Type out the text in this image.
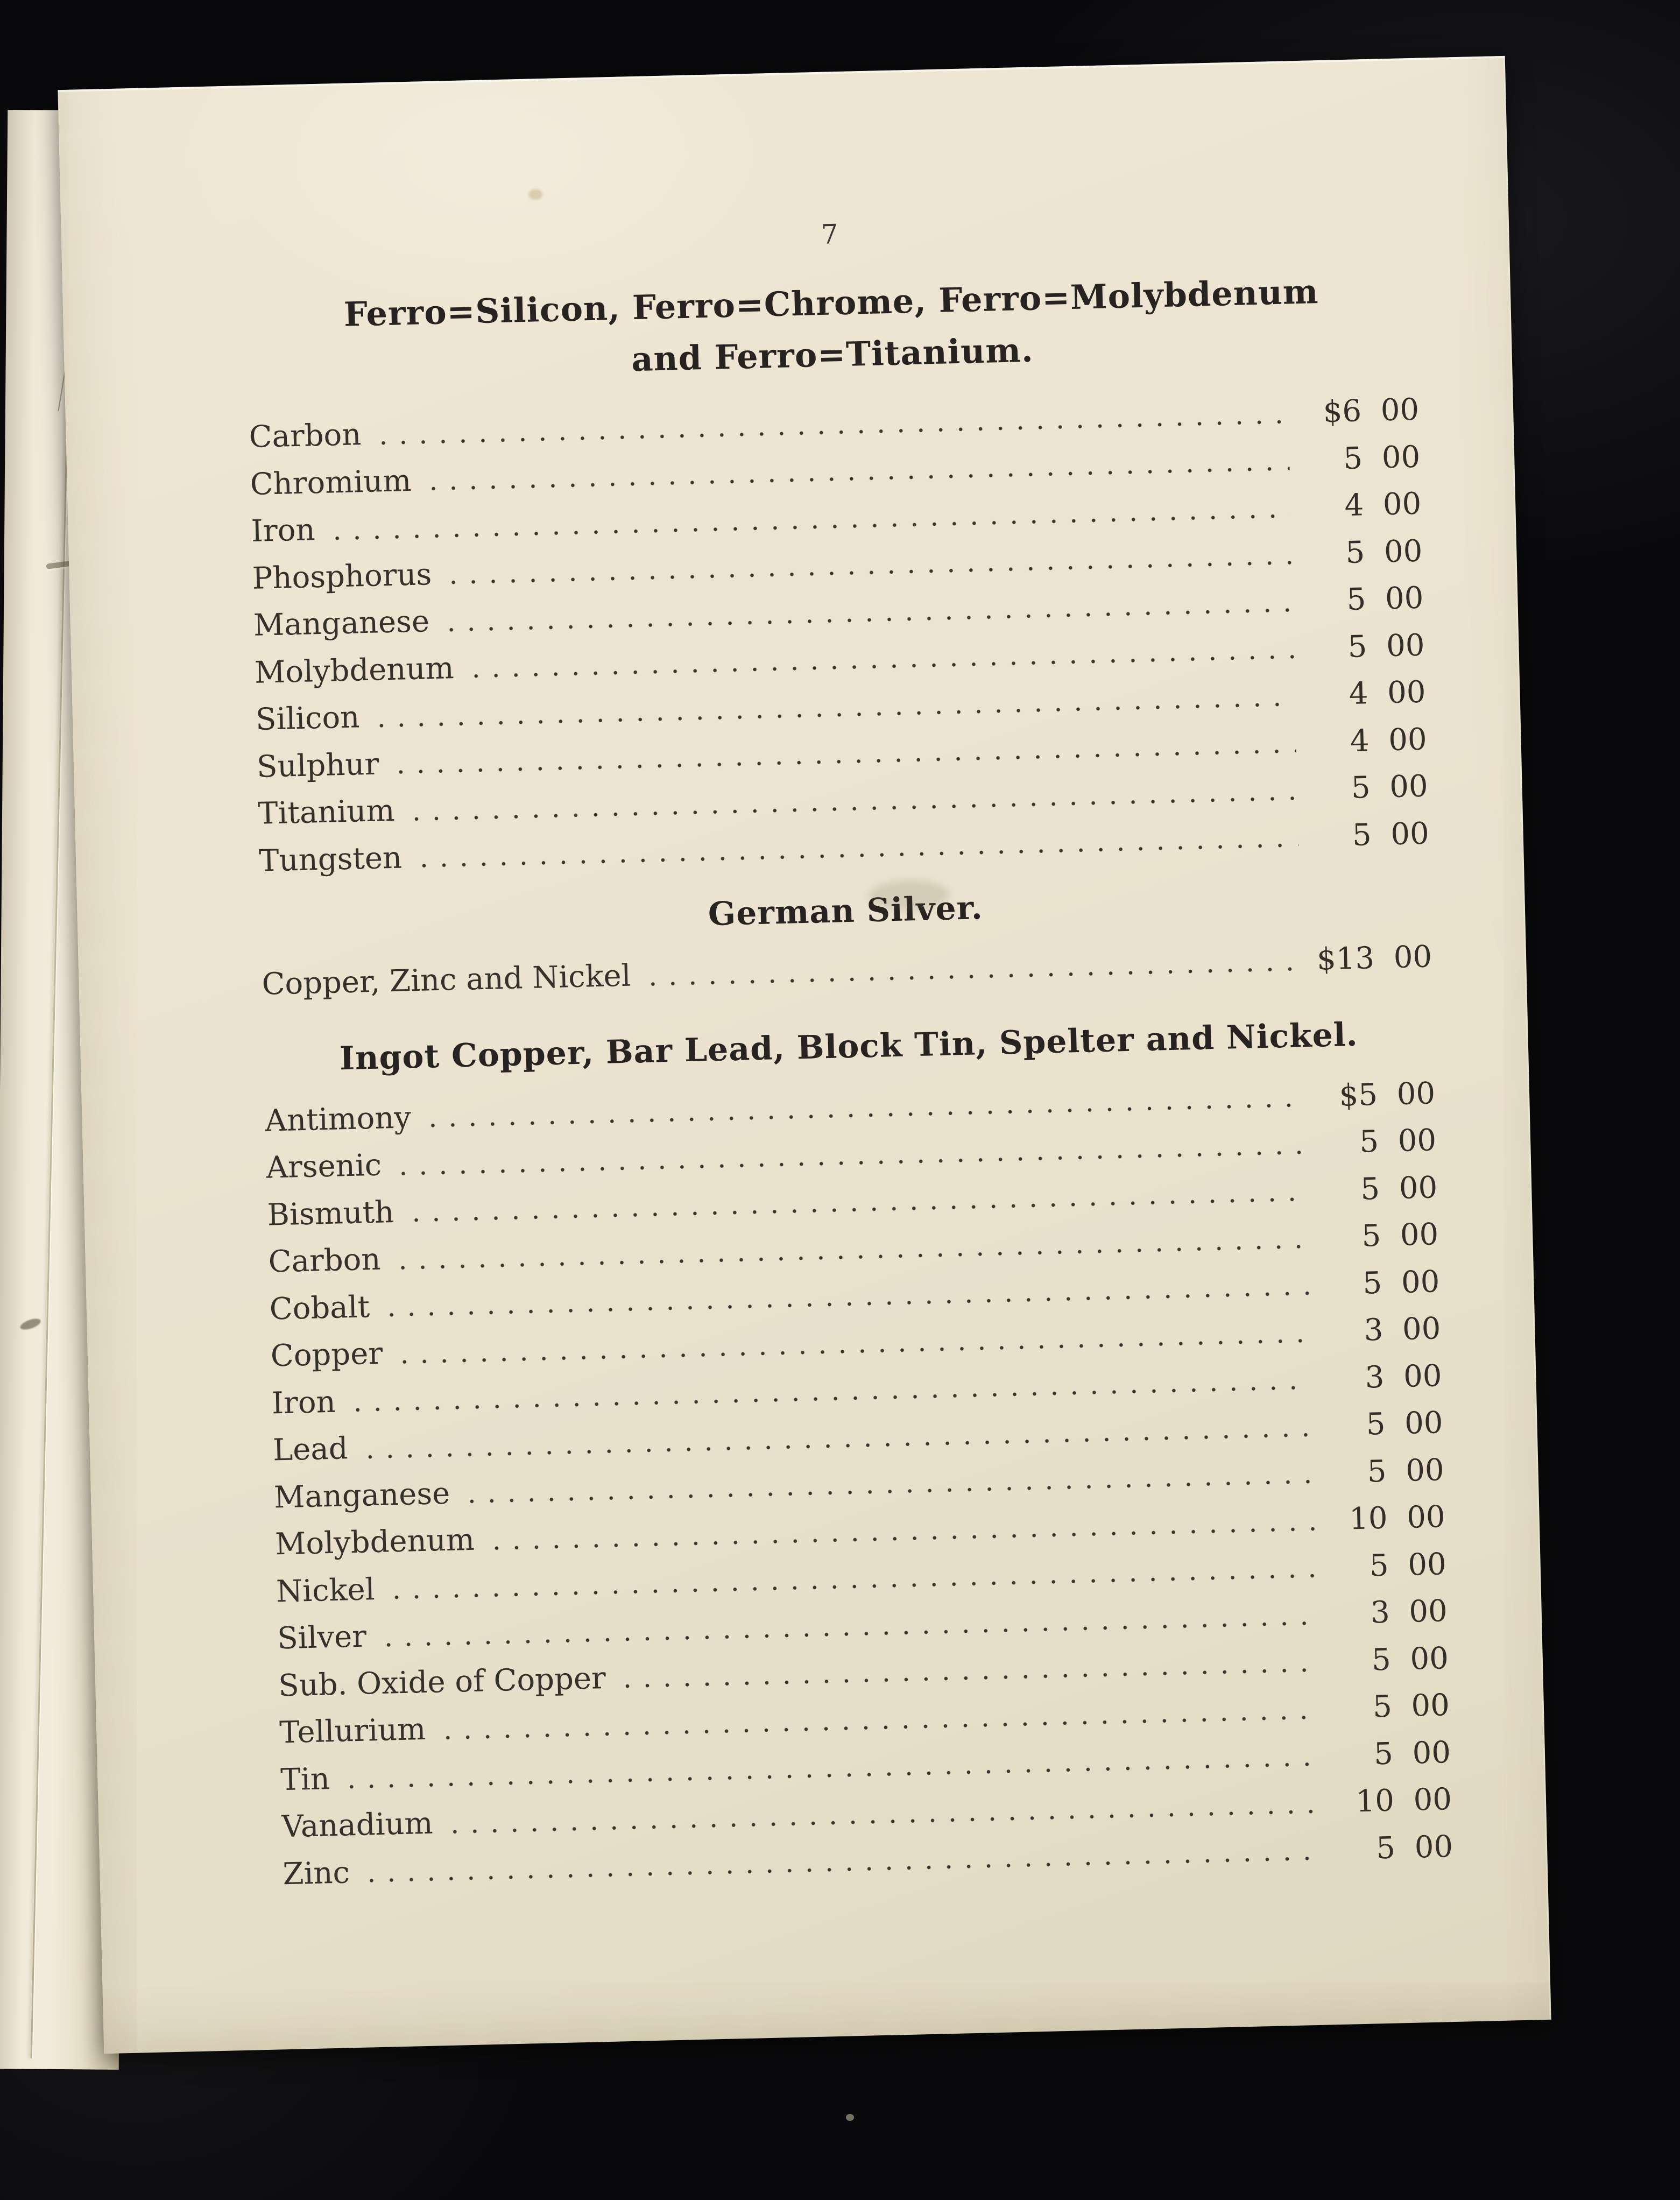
7
Ferro=Silicon, Ferro=Chrome, Ferro=Molybdenum
and Ferro=Titanium.
Carbon
$6 00
Chromium
5 00
Iron
4 00
Phosphorus
5 00
Manganese
5 00
Molybdenum
5 00
Silicon
4 00
Sulphur
4 00
Titanium
5 00
Tungsten
5 00
German Silver.
Copper, Zinc and Nickel
$13 00
Ingot Copper, Bar Lead, Block Tin, Spelter and Nickel.
Antimony
$5 00
Arsenic
5 00
Bismuth
5 00
Carbon
5 00
Cobalt
5 00
Copper
3 00
Iron
3 00
Lead
5 00
Manganese
5 00
Molybdenum
10 00
Nickel
5 00
Silver
3 00
Sub. Oxide of Copper
5 00
Tellurium
5 00
Tin
5 00
Vanadium
10 00
Zinc
5 00
